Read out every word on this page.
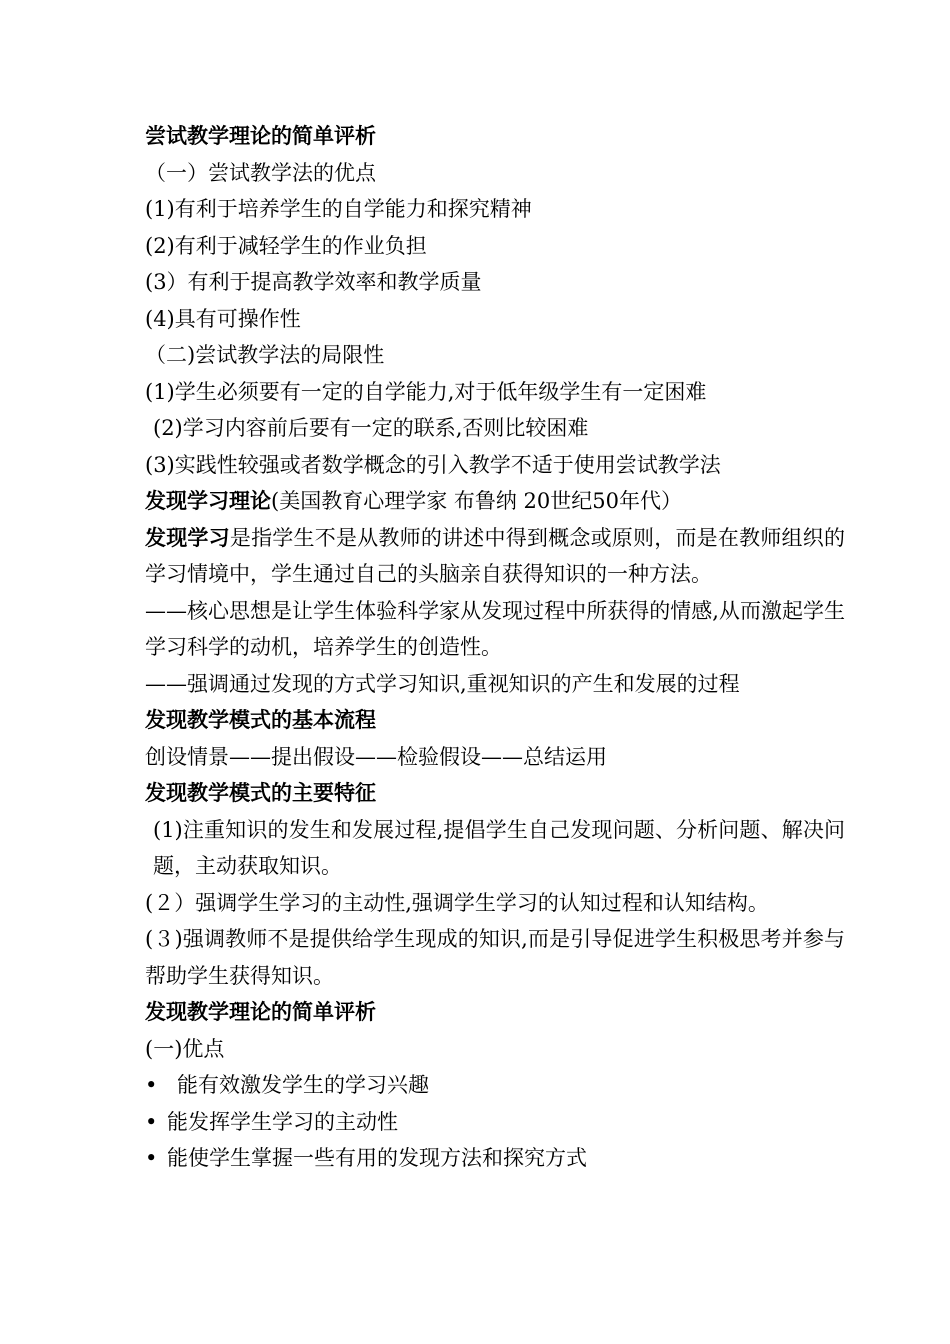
尝试教学理论的简单评析
（一）尝试教学法的优点
(1)有利于培养学生的自学能力和探究精神
(2)有利于减轻学生的作业负担
(3）有利于提高教学效率和教学质量
(4)具有可操作性
（二)尝试教学法的局限性
(1)学生必须要有一定的自学能力,对于低年级学生有一定困难
(2)学习内容前后要有一定的联系,否则比较困难
(3)实践性较强或者数学概念的引入教学不适于使用尝试教学法
发现学习理论(美国教育心理学家 布鲁纳 20世纪50年代）
发现学习是指学生不是从教师的讲述中得到概念或原则，而是在教师组织的学习情境中，学生通过自己的头脑亲自获得知识的一种方法。
——核心思想是让学生体验科学家从发现过程中所获得的情感,从而激起学生学习科学的动机，培养学生的创造性。
——强调通过发现的方式学习知识,重视知识的产生和发展的过程
发现教学模式的基本流程
创设情景——提出假设——检验假设——总结运用
发现教学模式的主要特征
(1)注重知识的发生和发展过程,提倡学生自己发现问题、分析问题、解决问题，主动获取知识。
(２）强调学生学习的主动性,强调学生学习的认知过程和认知结构。
(３)强调教师不是提供给学生现成的知识,而是引导促进学生积极思考并参与帮助学生获得知识。
发现教学理论的简单评析
(一)优点
• 能有效激发学生的学习兴趣
• 能发挥学生学习的主动性
• 能使学生掌握一些有用的发现方法和探究方式
